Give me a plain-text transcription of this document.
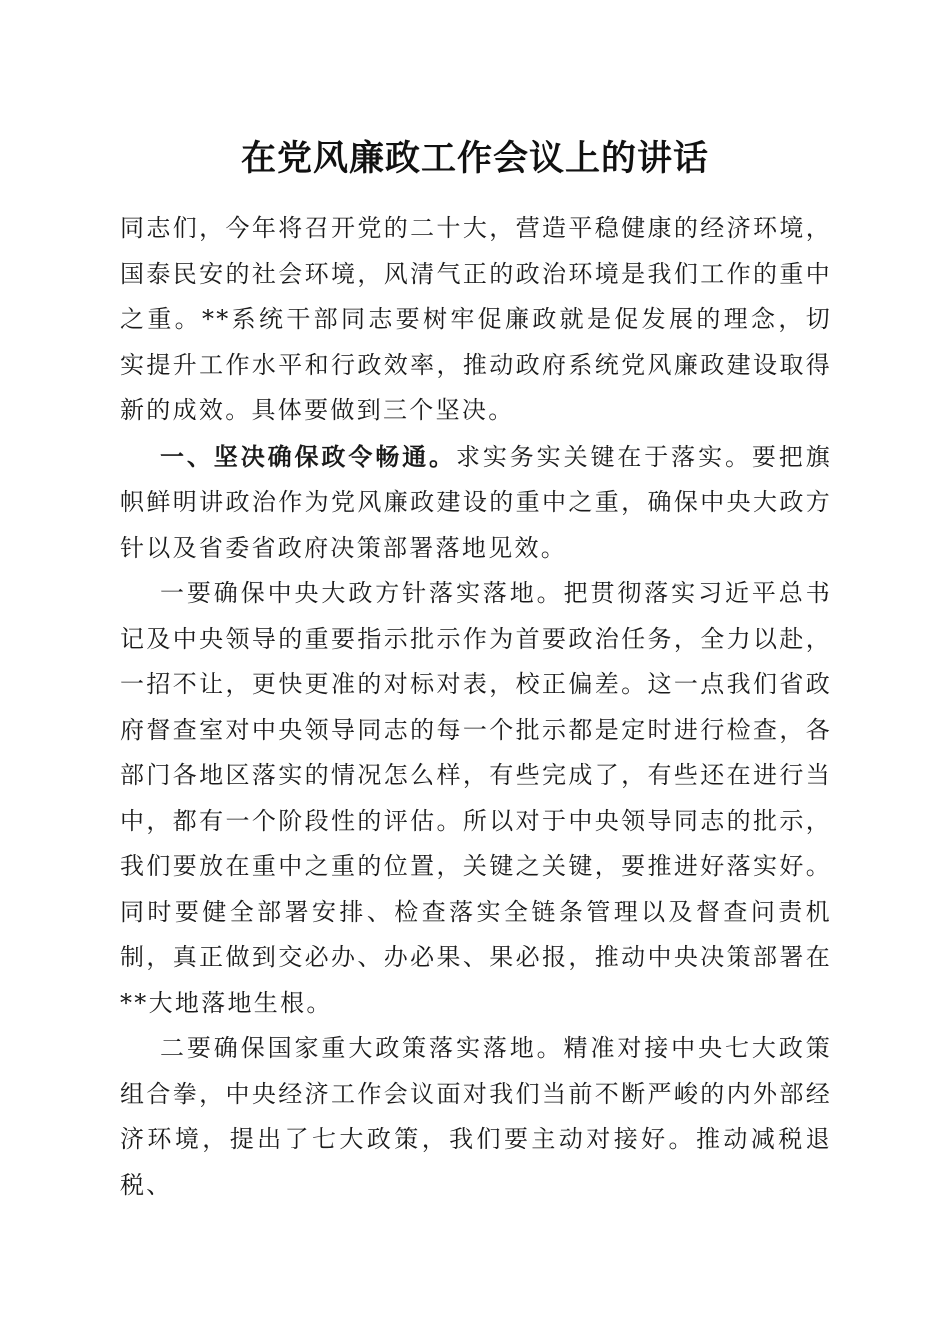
在党风廉政工作会议上的讲话

同志们，今年将召开党的二十大，营造平稳健康的经济环境，国泰民安的社会环境，风清气正的政治环境是我们工作的重中之重。**系统干部同志要树牢促廉政就是促发展的理念，切实提升工作水平和行政效率，推动政府系统党风廉政建设取得新的成效。具体要做到三个坚决。

一、坚决确保政令畅通。求实务实关键在于落实。要把旗帜鲜明讲政治作为党风廉政建设的重中之重，确保中央大政方针以及省委省政府决策部署落地见效。

一要确保中央大政方针落实落地。把贯彻落实习近平总书记及中央领导的重要指示批示作为首要政治任务，全力以赴，一招不让，更快更准的对标对表，校正偏差。这一点我们省政府督查室对中央领导同志的每一个批示都是定时进行检查，各部门各地区落实的情况怎么样，有些完成了，有些还在进行当中，都有一个阶段性的评估。所以对于中央领导同志的批示，我们要放在重中之重的位置，关键之关键，要推进好落实好。同时要健全部署安排、检查落实全链条管理以及督查问责机制，真正做到交必办、办必果、果必报，推动中央决策部署在**大地落地生根。

二要确保国家重大政策落实落地。精准对接中央七大政策组合拳，中央经济工作会议面对我们当前不断严峻的内外部经济环境，提出了七大政策，我们要主动对接好。推动减税退税、
